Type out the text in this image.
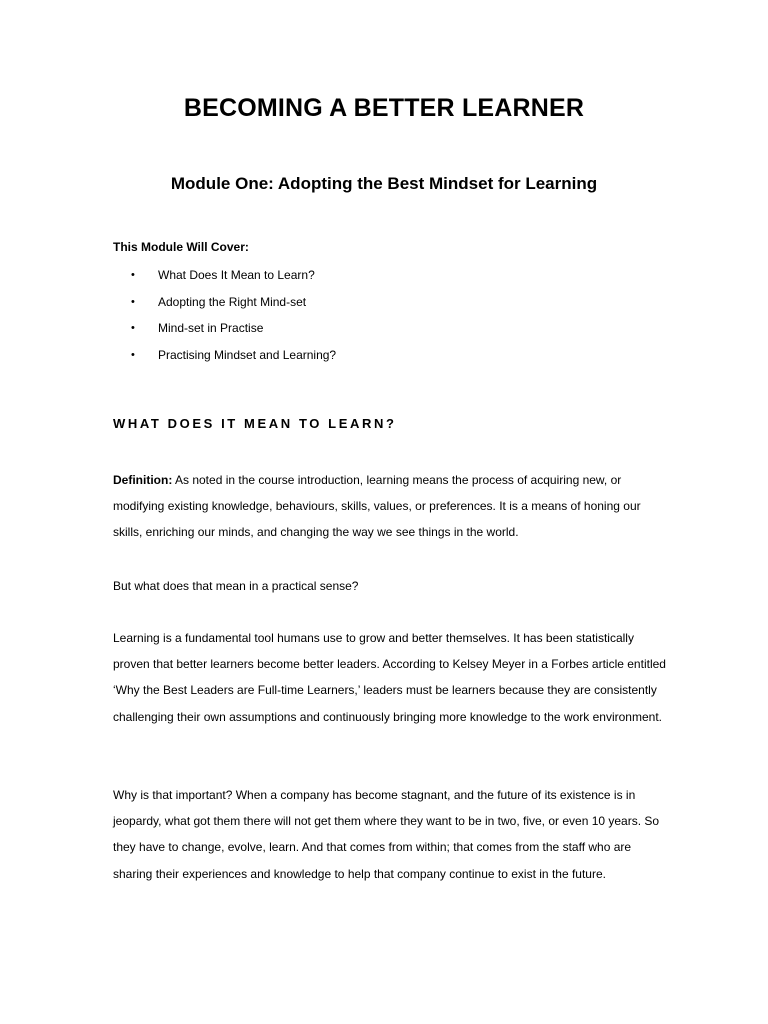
BECOMING A BETTER LEARNER
Module One: Adopting the Best Mindset for Learning
This Module Will Cover:
• What Does It Mean to Learn?
• Adopting the Right Mind-set
• Mind-set in Practise
• Practising Mindset and Learning?
WHAT DOES IT MEAN TO LEARN?

Definition: As noted in the course introduction, learning means the process of acquiring new, or modifying existing knowledge, behaviours, skills, values, or preferences. It is a means of honing our skills, enriching our minds, and changing the way we see things in the world.

But what does that mean in a practical sense?

Learning is a fundamental tool humans use to grow and better themselves. It has been statistically proven that better learners become better leaders. According to Kelsey Meyer in a Forbes article entitled ‘Why the Best Leaders are Full-time Learners,’ leaders must be learners because they are consistently challenging their own assumptions and continuously bringing more knowledge to the work environment.

Why is that important? When a company has become stagnant, and the future of its existence is in jeopardy, what got them there will not get them where they want to be in two, five, or even 10 years. So they have to change, evolve, learn. And that comes from within; that comes from the staff who are sharing their experiences and knowledge to help that company continue to exist in the future.
